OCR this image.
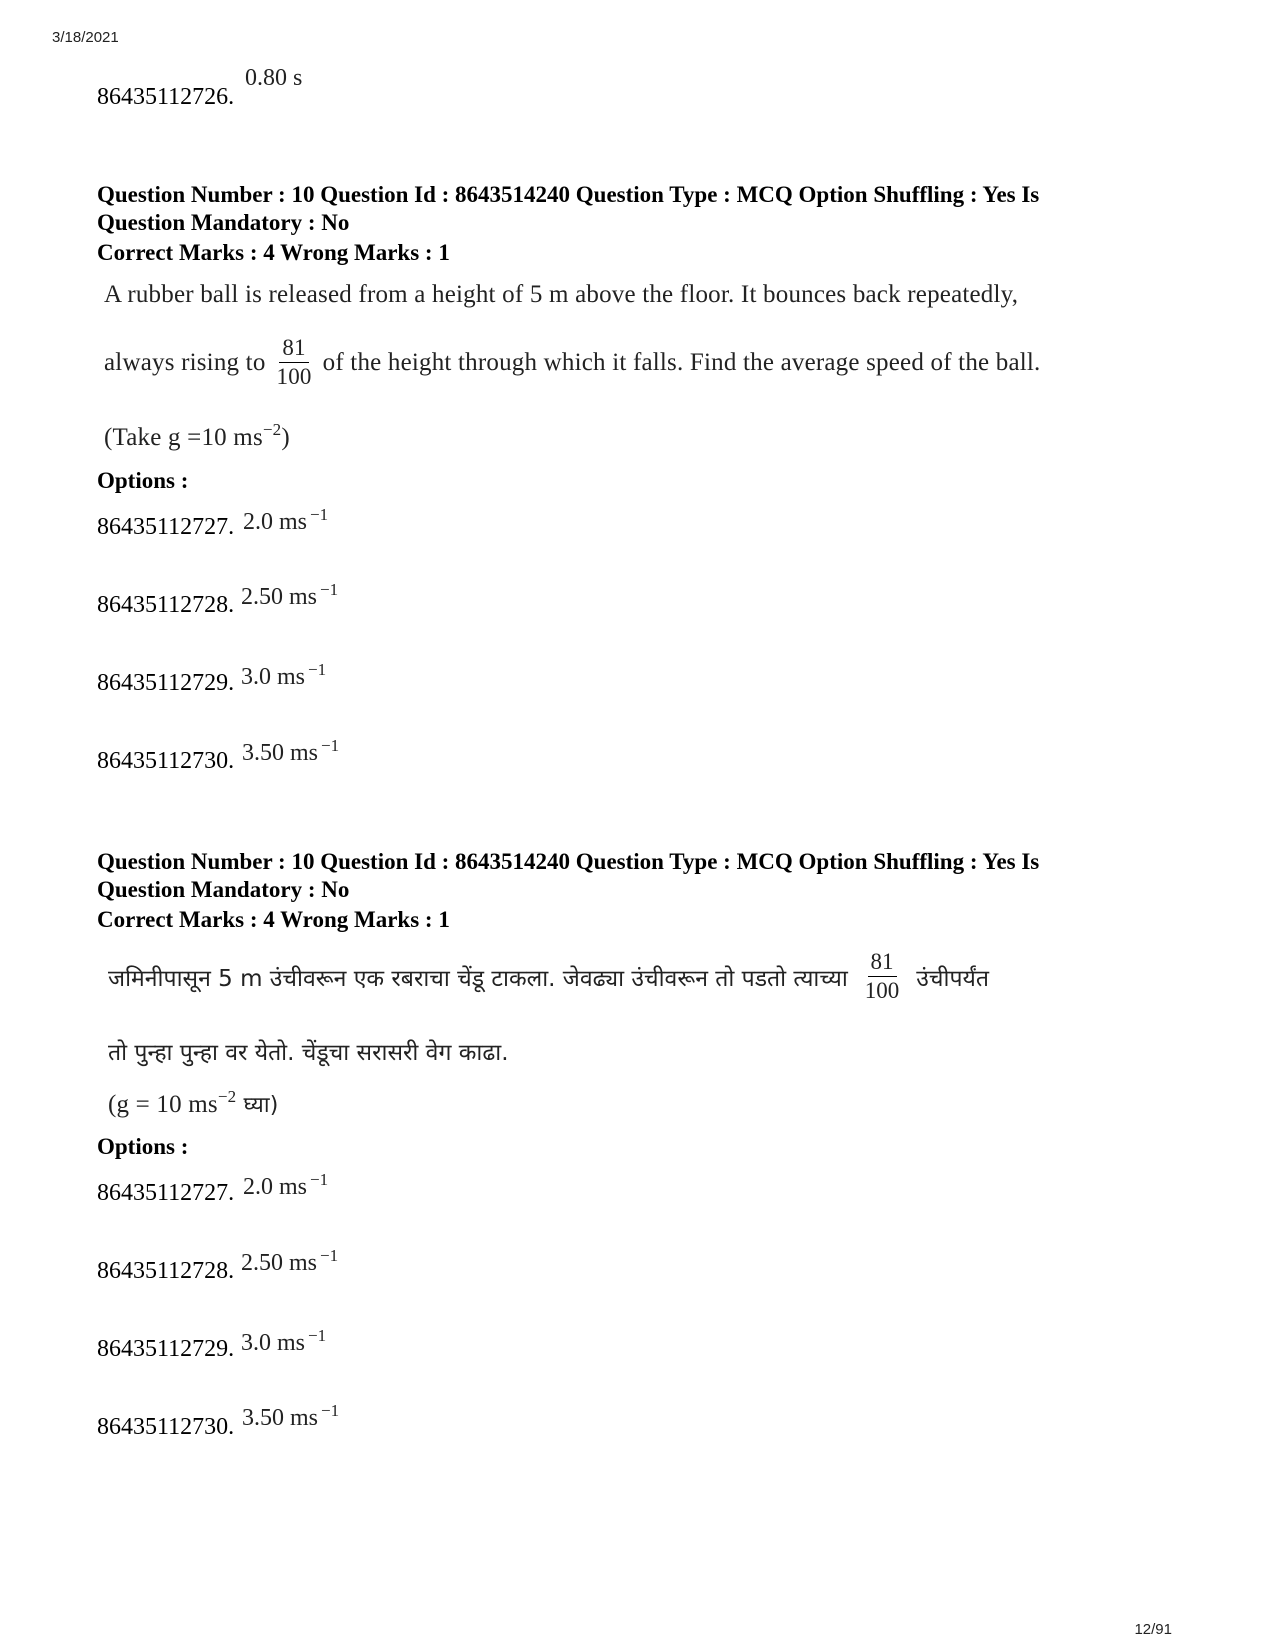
3/18/2021
86435112726.
0.80 s
Question Number : 10 Question Id : 8643514240 Question Type : MCQ Option Shuffling : Yes Is
Question Mandatory : No
Correct Marks : 4 Wrong Marks : 1
A rubber ball is released from a height of 5 m above the floor. It bounces back repeatedly,
always rising to $\frac{81}{100}$ of the height through which it falls. Find the average speed of the ball.
(Take g =10 $ms^{-2}$)
Options :
86435112727. 2.0 ms $^{-1}$
86435112728. 2.50 ms $^{-1}$
86435112729. 3.0 ms $^{-1}$
86435112730. 3.50 ms $^{-1}$
Question Number : 10 Question Id : 8643514240 Question Type : MCQ Option Shuffling : Yes Is
Question Mandatory : No
Correct Marks : 4 Wrong Marks : 1
जमिनीपासून 5 m उंचीवरून एक रबराचा चेंडू टाकला. जेवढ्या उंचीवरून तो पडतो त्याच्या $\frac{81}{100}$ उंचीपर्यंत
तो पुन्हा पुन्हा वर येतो. चेंडूचा सरासरी वेग काढा.
(g = 10 $ms^{-2}$ घ्या)
Options :
86435112727. 2.0 ms $^{-1}$
86435112728. 2.50 ms $^{-1}$
86435112729. 3.0 ms $^{-1}$
86435112730. 3.50 ms $^{-1}$
12/91
